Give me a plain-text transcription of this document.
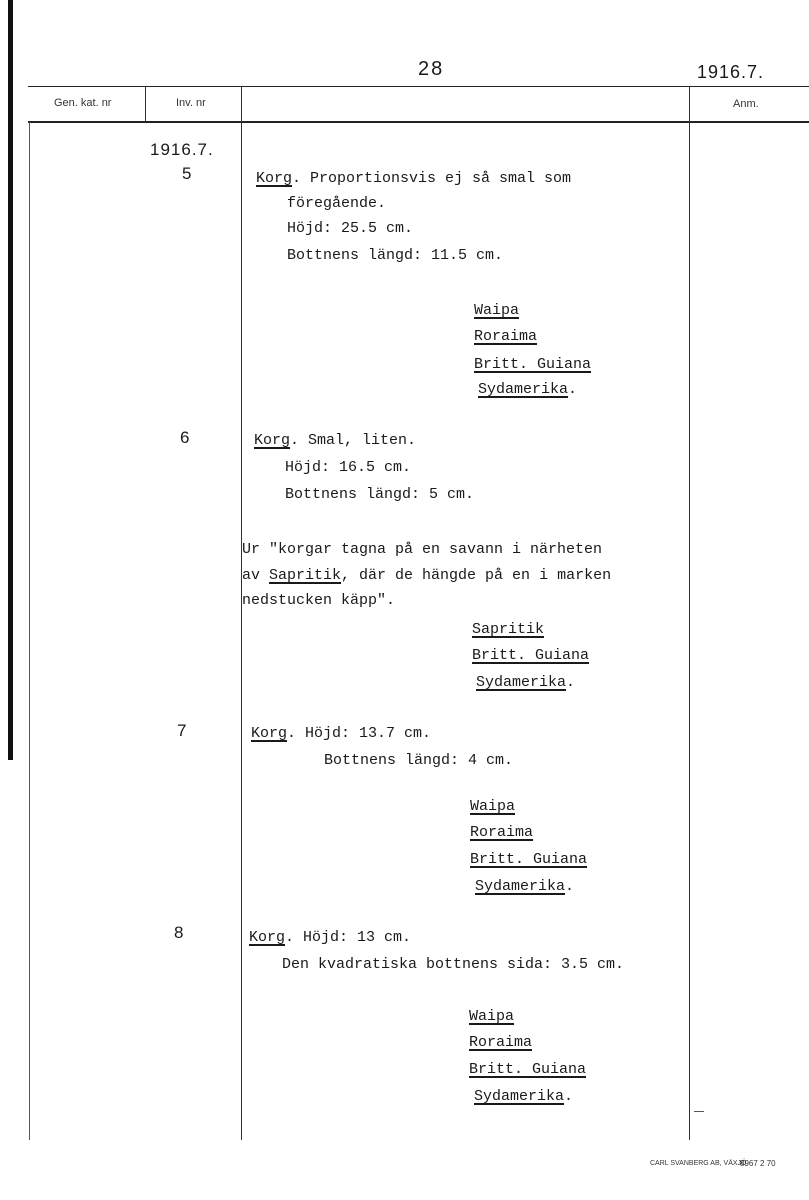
28	1916.7.
Gen. kat. nr	Inv. nr	Anm.
1916.7.
5	Korg. Proportionsvis ej så smal som
föregående.
Höjd: 25.5 cm.
Bottnens längd: 11.5 cm.
Waipa
Roraima
Britt. Guiana
Sydamerika.
6	Korg. Smal, liten.
Höjd: 16.5 cm.
Bottnens längd: 5 cm.
Ur "korgar tagna på en savann i närheten
av Sapritik, där de hängde på en i marken
nedstucken käpp".
Sapritik
Britt. Guiana
Sydamerika.
7	Korg. Höjd: 13.7 cm.
Bottnens längd: 4 cm.
Waipa
Roraima
Britt. Guiana
Sydamerika.
8	Korg. Höjd: 13 cm.
Den kvadratiska bottnens sida: 3.5 cm.
Waipa
Roraima
Britt. Guiana
Sydamerika.
CARL SVANBERG AB, VÄXJÖ
8967 2 70
